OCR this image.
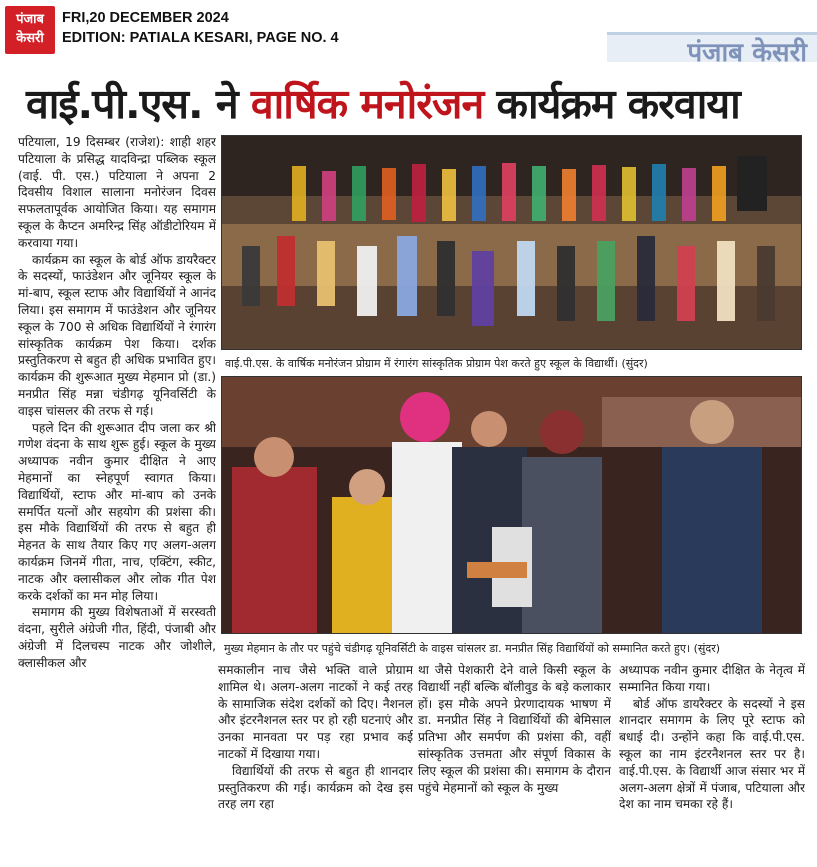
पंजाब
केसरी
FRI,20 DECEMBER 2024
EDITION: PATIALA KESARI, PAGE NO. 4	पंजाब केसरी
वाई.पी.एस. ने वार्षिक मनोरंजन कार्यक्रम करवाया

पटियाला, 19 दिसम्बर (राजेश): शाही शहर पटियाला के प्रसिद्ध यादविन्द्रा पब्लिक स्कूल (वाई. पी. एस.) पटियाला ने अपना 2 दिवसीय विशाल सालाना मनोरंजन दिवस सफलतापूर्वक आयोजित किया। यह समागम स्कूल के कैप्टन अमरिन्द्र सिंह ऑडीटोरियम में करवाया गया।

कार्यक्रम का स्कूल के बोर्ड ऑफ डायरैक्टर के सदस्यों, फाउंडेशन और जूनियर स्कूल के मां-बाप, स्कूल स्टाफ और विद्यार्थियों ने आनंद लिया। इस समागम में फाउंडेशन और जूनियर स्कूल के 700 से अधिक विद्यार्थियों ने रंगारंग सांस्कृतिक कार्यक्रम पेश किया। दर्शक प्रस्तुतिकरण से बहुत ही अधिक प्रभावित हुए। कार्यक्रम की शुरूआत मुख्य मेहमान प्रो (डा.) मनप्रीत सिंह मन्ना चंडीगढ़ यूनिवर्सिटी के वाइस चांसलर की तरफ से गई।

पहले दिन की शुरूआत दीप जला कर श्री गणेश वंदना के साथ शुरू हुई। स्कूल के मुख्य अध्यापक नवीन कुमार दीक्षित ने आए मेहमानों का स्नेहपूर्ण स्वागत किया। विद्यार्थियों, स्टाफ और मां-बाप को उनके समर्पित यत्नों और सहयोग की प्रशंसा की। इस मौके विद्यार्थियों की तरफ से बहुत ही मेहनत के साथ तैयार किए गए अलग-अलग कार्यक्रम जिनमें गीता, नाच, एक्टिंग, स्कीट, नाटक और क्लासीकल और लोक गीत पेश करके दर्शकों का मन मोह लिया।

समागम की मुख्य विशेषताओं में सरस्वती वंदना, सुरीले अंग्रेजी गीत, हिंदी, पंजाबी और अंग्रेजी में दिलचस्प नाटक और जोशीले, क्लासीकल और

वाई.पी.एस. के वार्षिक मनोरंजन प्रोग्राम में रंगारंग सांस्कृतिक प्रोग्राम पेश करते हुए स्कूल के विद्यार्थी। (सुंदर)
मुख्य मेहमान के तौर पर पहुंचे चंडीगढ़ यूनिवर्सिटी के वाइस चांसलर डा. मनप्रीत सिंह विद्यार्थियों को सम्मानित करते हुए। (सुंदर)

समकालीन नाच जैसे भक्ति वाले प्रोग्राम शामिल थे। अलग-अलग नाटकों ने कई तरह के सामाजिक संदेश दर्शकों को दिए। नैशनल और इंटरनैशनल स्तर पर हो रही घटनाएं और उनका मानवता पर पड़ रहा प्रभाव कई नाटकों में दिखाया गया।

विद्यार्थियों की तरफ से बहुत ही शानदार प्रस्तुतिकरण की गई। कार्यक्रम को देख इस तरह लग रहा

था जैसे पेशकारी देने वाले किसी स्कूल के विद्यार्थी नहीं बल्कि बॉलीवुड के बड़े कलाकार हों। इस मौके अपने प्रेरणादायक भाषण में डा. मनप्रीत सिंह ने विद्यार्थियों की बेमिसाल प्रतिभा और समर्पण की प्रशंसा की, वहीं सांस्कृतिक उत्तमता और संपूर्ण विकास के लिए स्कूल की प्रशंसा की। समागम के दौरान पहुंचे मेहमानों को स्कूल के मुख्य

अध्यापक नवीन कुमार दीक्षित के नेतृत्व में सम्मानित किया गया।

बोर्ड ऑफ डायरैक्टर के सदस्यों ने इस शानदार समागम के लिए पूरे स्टाफ को बधाई दी। उन्होंने कहा कि वाई.पी.एस. स्कूल का नाम इंटरनैशनल स्तर पर है। वाई.पी.एस. के विद्यार्थी आज संसार भर में अलग-अलग क्षेत्रों में पंजाब, पटियाला और देश का नाम चमका रहे हैं।
